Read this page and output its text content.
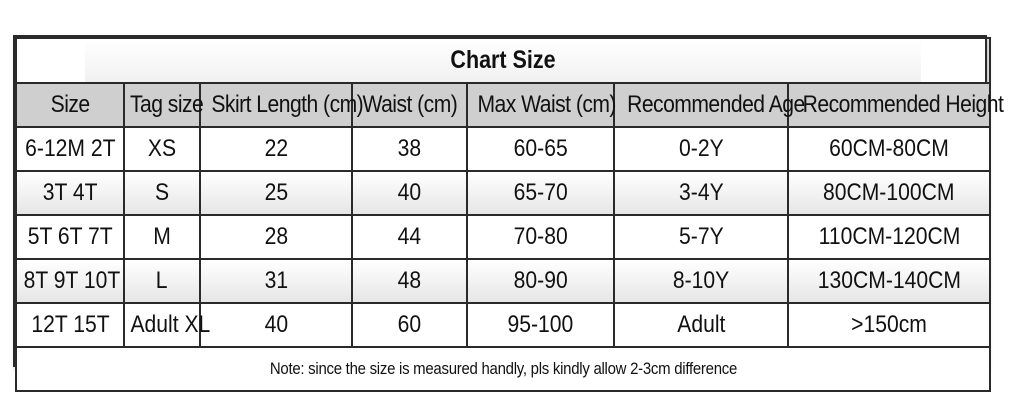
Chart Size						
Size	Tag size	Skirt Length (cm)	Waist (cm)	Max Waist (cm)	Recommended Age	Recommended Height
6-12M 2T	XS	22	38	60-65	0-2Y	60CM-80CM
3T 4T	S	25	40	65-70	3-4Y	80CM-100CM
5T 6T 7T	M	28	44	70-80	5-7Y	110CM-120CM
8T 9T 10T	L	31	48	80-90	8-10Y	130CM-140CM
12T 15T	Adult XL	40	60	95-100	Adult	>150cm
Note: since the size is measured handly, pls kindly allow 2-3cm difference						
